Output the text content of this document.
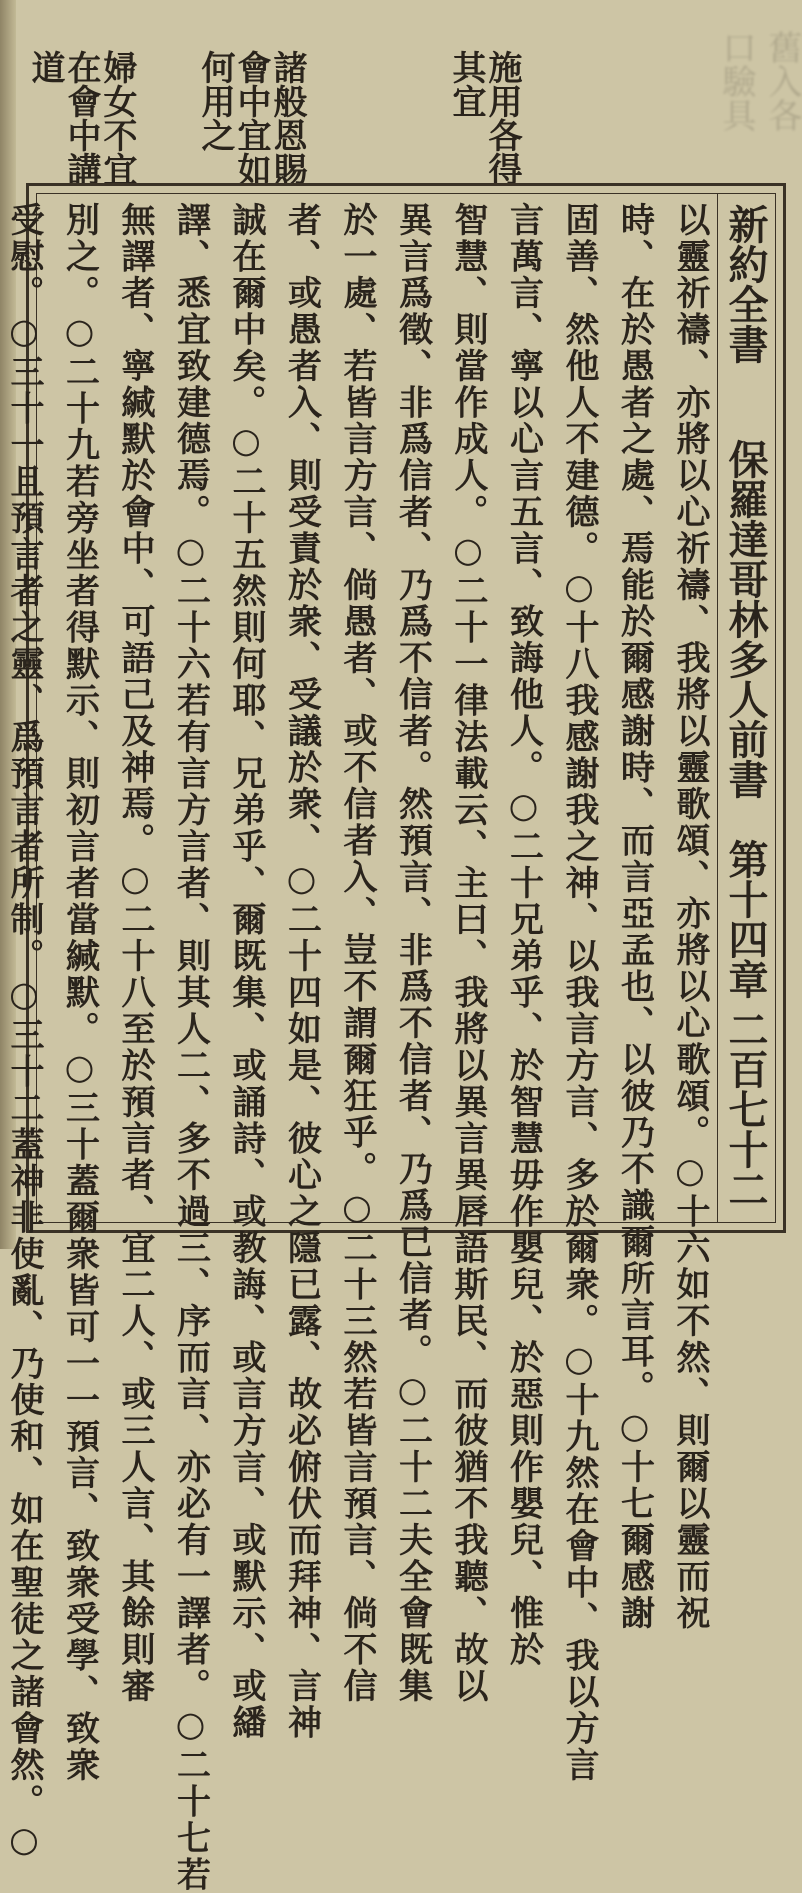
舊入各
口驗具
施用各得
其宜
諸般恩賜
會中宜如
何用之
婦女不宜
在會中講
道
新約全書
保羅達哥林多人前書
第十四章
二百七十二
以靈祈禱、亦將以心祈禱、我將以靈歌頌、亦將以心歌頌。○十六如不然、則爾以靈而祝
時、在於愚者之處、焉能於爾感謝時、而言亞孟也、以彼乃不識爾所言耳。○十七爾感謝
固善、然他人不建德。○十八我感謝我之神、以我言方言、多於爾衆。○十九然在會中、我以方言
言萬言、寧以心言五言、致誨他人。○二十兄弟乎、於智慧毋作嬰兒、於惡則作嬰兒、惟於
智慧、則當作成人。○二十一律法載云、主曰、我將以異言異唇語斯民、而彼猶不我聽、故以
異言爲徵、非爲信者、乃爲不信者。然預言、非爲不信者、乃爲已信者。○二十二夫全會既集
於一處、若皆言方言、倘愚者、或不信者入、豈不謂爾狂乎。○二十三然若皆言預言、倘不信
者、或愚者入、則受責於衆、受議於衆、○二十四如是、彼心之隱已露、故必俯伏而拜神、言神
誠在爾中矣。○二十五然則何耶、兄弟乎、爾既集、或誦詩、或教誨、或言方言、或默示、或繙
譯、悉宜致建德焉。○二十六若有言方言者、則其人二、多不過三、序而言、亦必有一譯者。○二十七若
無譯者、寧緘默於會中、可語己及神焉。○二十八至於預言者、宜二人、或三人言、其餘則審
別之。○二十九若旁坐者得默示、則初言者當緘默。○三十蓋爾衆皆可一一預言、致衆受學、致衆
受慰。○三十一且預言者之靈、爲預言者所制。○三十二蓋神非使亂、乃使和、如在聖徒之諸會然。○
